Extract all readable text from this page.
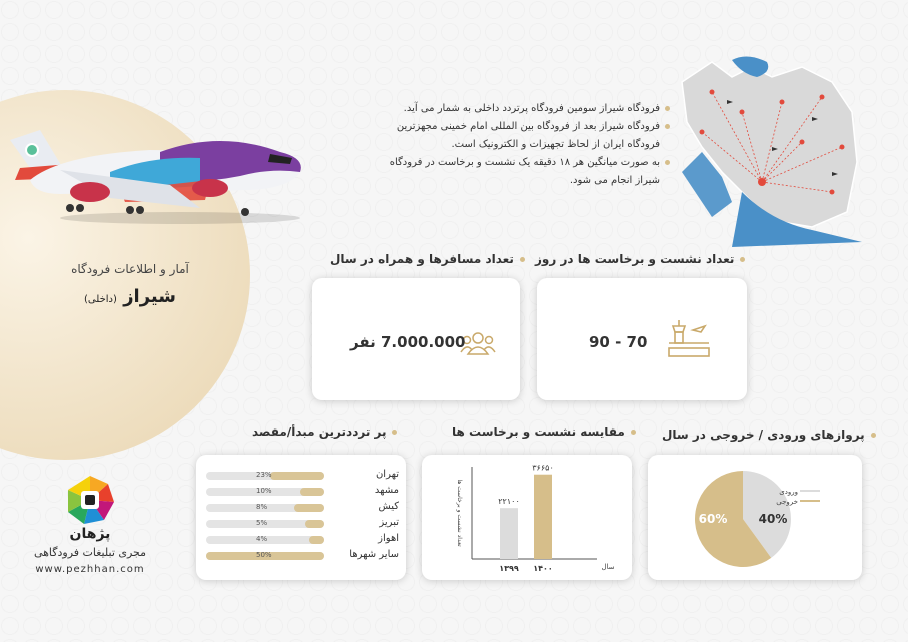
آمار و اطلاعات فرودگاه
شیراز (داخلی)
فرودگاه شیراز سومین فرودگاه پرتردد داخلی به شمار می آید.
فرودگاه شیراز بعد از فرودگاه بین المللی امام خمینی مجهزترین فرودگاه ایران از لحاظ تجهیزات و الکترونیک است.
به صورت میانگین هر ۱۸ دقیقه یک نشست و برخاست در فرودگاه شیراز انجام می شود.
تعداد نشست و برخاست ها در روز
تعداد مسافرها و همراه در سال
70 - 90
7.000.000 نفر
پروازهای ورودی / خروجی در سال
مقایسه نشست و برخاست ها
پر ترددترین مبدأ/مقصد
40%
60%
ورودی
خروجی
تعداد نشست و برخاست ها
سال
۲۲۱۰۰
۱۳۹۹
۳۶۶۵۰
۱۴۰۰
23%	تهران
10%	مشهد
8%	کیش
5%	تبریز
4%	اهواز
50%	سایر شهرها
پژهان
مجری تبلیغات فرودگاهی
www.pezhhan.com
